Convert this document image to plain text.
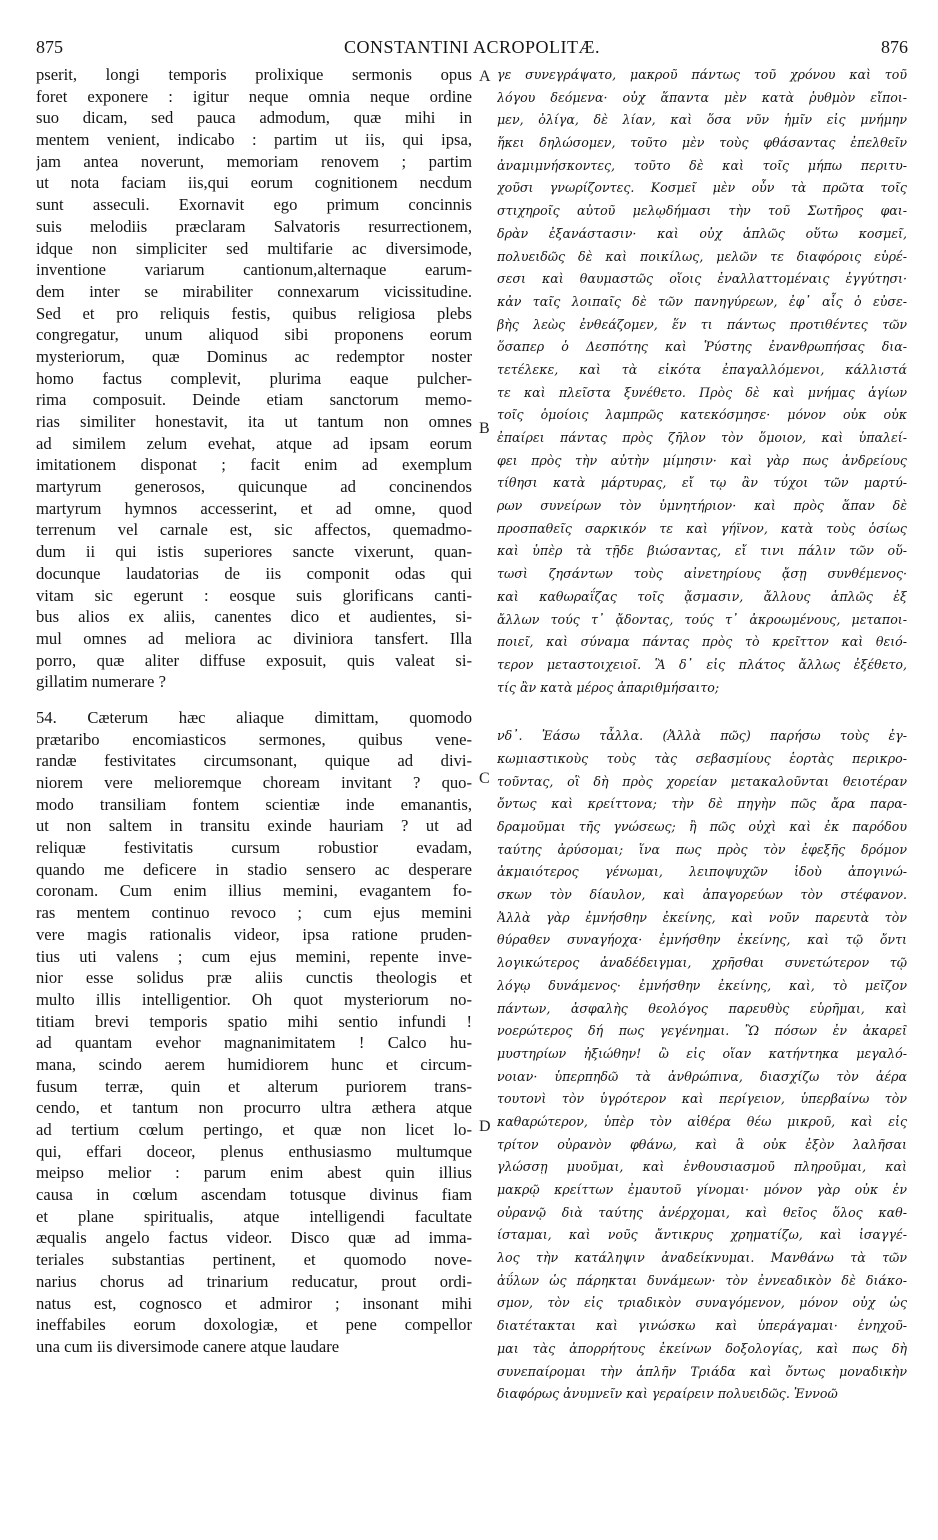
875	CONSTANTINI ACROPOLITÆ.	876
A
B
C
D
pserit, longi temporis prolixique sermonis opus
foret exponere : igitur neque omnia neque ordine
suo dicam, sed pauca admodum, quæ mihi in
mentem venient, indicabo : partim ut iis, qui ipsa,
jam antea noverunt, memoriam renovem ; partim
ut nota faciam iis,qui eorum cognitionem necdum
sunt asseculi. Exornavit ego primum concinnis
suis melodiis præclaram Salvatoris resurrectionem,
idque non simpliciter sed multifarie ac diversimode,
inventione variarum cantionum,alternaque earum-
dem inter se mirabiliter connexarum vicissitudine.
Sed et pro reliquis festis, quibus religiosa plebs
congregatur, unum aliquod sibi proponens eorum
mysteriorum, quæ Dominus ac redemptor noster
homo factus complevit, plurima eaque pulcher-
rima composuit. Deinde etiam sanctorum memo-
rias similiter honestavit, ita ut tantum non omnes
ad similem zelum evehat, atque ad ipsam eorum
imitationem disponat ; facit enim ad exemplum
martyrum generosos, quicunque ad concinendos
martyrum hymnos accesserint, et ad omne, quod
terrenum vel carnale est, sic affectos, quemadmo-
dum ii qui istis superiores sancte vixerunt, quan-
docunque laudatorias de iis componit odas qui
vitam sic egerunt : eosque suis glorificans canti-
bus alios ex aliis, canentes dico et audientes, si-
mul omnes ad meliora ac diviniora tansfert. Illa
porro, quæ aliter diffuse exposuit, quis valeat si-
gillatim numerare ?
54. Cæterum hæc aliaque dimittam, quomodo
prætaribo encomiasticos sermones, quibus vene-
randæ festivitates circumsonant, quique ad divi-
niorem vere melioremque choream invitant ? quo-
modo transiliam fontem scientiæ inde emanantis,
ut non saltem in transitu exinde hauriam ? ut ad
reliquæ festivitatis cursum robustior evadam,
quando me deficere in stadio sensero ac desperare
coronam. Cum enim illius memini, evagantem fo-
ras mentem continuo revoco ; cum ejus memini
vere magis rationalis videor, ipsa ratione pruden-
tius uti valens ; cum ejus memini, repente inve-
nior esse solidus præ aliis cunctis theologis et
multo illis intelligentior. Oh quot mysteriorum no-
titiam brevi temporis spatio mihi sentio infundi !
ad quantam evehor magnanimitatem ! Calco hu-
mana, scindo aerem humidiorem hunc et circum-
fusum terræ, quin et alterum puriorem trans-
cendo, et tantum non procurro ultra æthera atque
ad tertium cœlum pertingo, et quæ non licet lo-
qui, effari doceor, plenus enthusiasmo multumque
meipso melior : parum enim abest quin illius
causa in cœlum ascendam totusque divinus fiam
et plane spiritualis, atque intelligendi facultate
æqualis angelo factus videor. Disco quæ ad imma-
teriales substantias pertinent, et quomodo nove-
narius chorus ad trinarium reducatur, prout ordi-
natus est, cognosco et admiror ; insonant mihi
ineffabiles eorum doxologiæ, et pene compellor
una cum iis diversimode canere atque laudare
γε συνεγράψατο, μακροῦ πάντως τοῦ χρόνου καὶ τοῦ
λόγου δεόμενα· οὐχ ἅπαντα μὲν κατὰ ῥυθμὸν εἴποι-
μεν, ὀλίγα, δὲ λίαν, καὶ ὅσα νῦν ἡμῖν εἰς μνήμην
ἥκει δηλώσομεν, τοῦτο μὲν τοὺς φθάσαντας ἐπελθεῖν
ἀναμιμνήσκοντες, τοῦτο δὲ καὶ τοῖς μήπω περιτυ-
χοῦσι γνωρίζοντες. Κοσμεῖ μὲν οὖν τὰ πρῶτα τοῖς
στιχηροῖς αὐτοῦ μελῳδήμασι τὴν τοῦ Σωτῆρος φαι-
δρὰν ἐξανάστασιν· καὶ οὐχ ἁπλῶς οὕτω κοσμεῖ,
πολυειδῶς δὲ καὶ ποικίλως, μελῶν τε διαφόροις εὑρέ-
σεσι καὶ θαυμαστῶς οἵοις ἐναλλαττομέναις ἐγγύτησι·
κἀν ταῖς λοιπαῖς δὲ τῶν πανηγύρεων, ἐφ᾽ αἷς ὁ εὐσε-
βὴς λεὼς ἐνθεάζομεν, ἕν τι πάντως προτιθέντες τῶν
ὅσαπερ ὁ Δεσπότης καὶ Ῥύστης ἐνανθρωπήσας δια-
τετέλεκε, καὶ τὰ εἰκότα ἐπαγαλλόμενοι, κάλλιστά
τε καὶ πλεῖστα ξυνέθετο. Πρὸς δὲ καὶ μνήμας ἁγίων
τοῖς ὁμοίοις λαμπρῶς κατεκόσμησε· μόνον οὐκ οὐκ
ἐπαίρει πάντας πρὸς ζῆλον τὸν ὅμοιον, καὶ ὑπαλεί-
φει πρὸς τὴν αὐτὴν μίμησιν· καὶ γὰρ πως ἀνδρείους
τίθησι κατὰ μάρτυρας, εἴ τῳ ἂν τύχοι τῶν μαρτύ-
ρων συνείρων τὸν ὑμνητήριον· καὶ πρὸς ἅπαν δὲ
προσπαθεῖς σαρκικόν τε καὶ γήϊνον, κατὰ τοὺς ὁσίως
καὶ ὑπὲρ τὰ τῇδε βιώσαντας, εἴ τινι πάλιν τῶν οὕ-
τωσὶ ζησάντων τοὺς αἰνετηρίους ᾄσῃ συνθέμενος·
καὶ καθωραΐζας τοῖς ᾄσμασιν, ἄλλους ἁπλῶς ἐξ
ἄλλων τούς τ᾽ ᾄδοντας, τούς τ᾽ ἀκροωμένους, μεταποι-
ποιεῖ, καὶ σύναμα πάντας πρὸς τὸ κρεῖττον καὶ θειό-
τερον μεταστοιχειοῖ. Ἃ δ᾽ εἰς πλάτος ἄλλως ἐξέθετο,
τίς ἂν κατὰ μέρος ἀπαριθμήσαιτο;
νδ᾽. Ἐάσω τἆλλα. (Ἀλλὰ πῶς) παρήσω τοὺς ἐγ-
κωμιαστικοὺς τοὺς τὰς σεβασμίους ἑορτὰς περικρο-
τοῦντας, οἳ δὴ πρὸς χορείαν μετακαλοῦνται θειοτέραν
ὄντως καὶ κρείττονα; τὴν δὲ πηγὴν πῶς ἄρα παρα-
δραμοῦμαι τῆς γνώσεως; ἢ πῶς οὐχὶ καὶ ἐκ παρόδου
ταύτης ἀρύσομαι; ἵνα πως πρὸς τὸν ἐφεξῆς δρόμον
ἀκμαιότερος γένωμαι, λειποψυχῶν ἰδοὺ ἀπογινώ-
σκων τὸν δίαυλον, καὶ ἀπαγορεύων τὸν στέφανον.
Ἀλλὰ γὰρ ἐμνήσθην ἐκείνης, καὶ νοῦν παρευτὰ τὸν
θύραθεν συναγήοχα· ἐμνήσθην ἐκείνης, καὶ τῷ ὄντι
λογικώτερος ἀναδέδειγμαι, χρῆσθαι συνετώτερον τῷ
λόγῳ δυνάμενος· ἐμνήσθην ἐκείνης, καὶ, τὸ μεῖζον
πάντων, ἀσφαλὴς θεολόγος παρευθὺς εὑρῆμαι, καὶ
νοερώτερος δή πως γεγένημαι. Ὢ πόσων ἐν ἀκαρεῖ
μυστηρίων ἠξιώθην! ὢ εἰς οἵαν κατήντηκα μεγαλό-
νοιαν· ὑπερπηδῶ τὰ ἀνθρώπινα, διασχίζω τὸν ἀέρα
τουτονὶ τὸν ὑγρότερον καὶ περίγειον, ὑπερβαίνω τὸν
καθαρώτερον, ὑπὲρ τὸν αἰθέρα θέω μικροῦ, καὶ εἰς
τρίτον οὐρανὸν φθάνω, καὶ ἃ οὐκ ἐξὸν λαλῆσαι
γλώσσῃ μυοῦμαι, καὶ ἐνθουσιασμοῦ πληροῦμαι, καὶ
μακρῷ κρείττων ἐμαυτοῦ γίνομαι· μόνον γὰρ οὐκ ἐν
οὐρανῷ διὰ ταύτης ἀνέρχομαι, καὶ θεῖος ὅλος καθ-
ίσταμαι, καὶ νοῦς ἄντικρυς χρηματίζω, καὶ ἰσαγγέ-
λος τὴν κατάληψιν ἀναδείκνυμαι. Μανθάνω τὰ τῶν
ἀΰλων ὡς πάρηκται δυνάμεων· τὸν ἐννεαδικὸν δὲ διάκο-
σμον, τὸν εἰς τριαδικὸν συναγόμενον, μόνον οὐχ ὡς
διατέτακται καὶ γινώσκω καὶ ὑπεράγαμαι· ἐνηχοῦ-
μαι τὰς ἀπορρήτους ἐκείνων δοξολογίας, καὶ πως δὴ
συνεπαίρομαι τὴν ἁπλῆν Τριάδα καὶ ὄντως μοναδικὴν
διαφόρως ἀνυμνεῖν καὶ γεραίρειν πολυειδῶς. Ἐννοῶ
